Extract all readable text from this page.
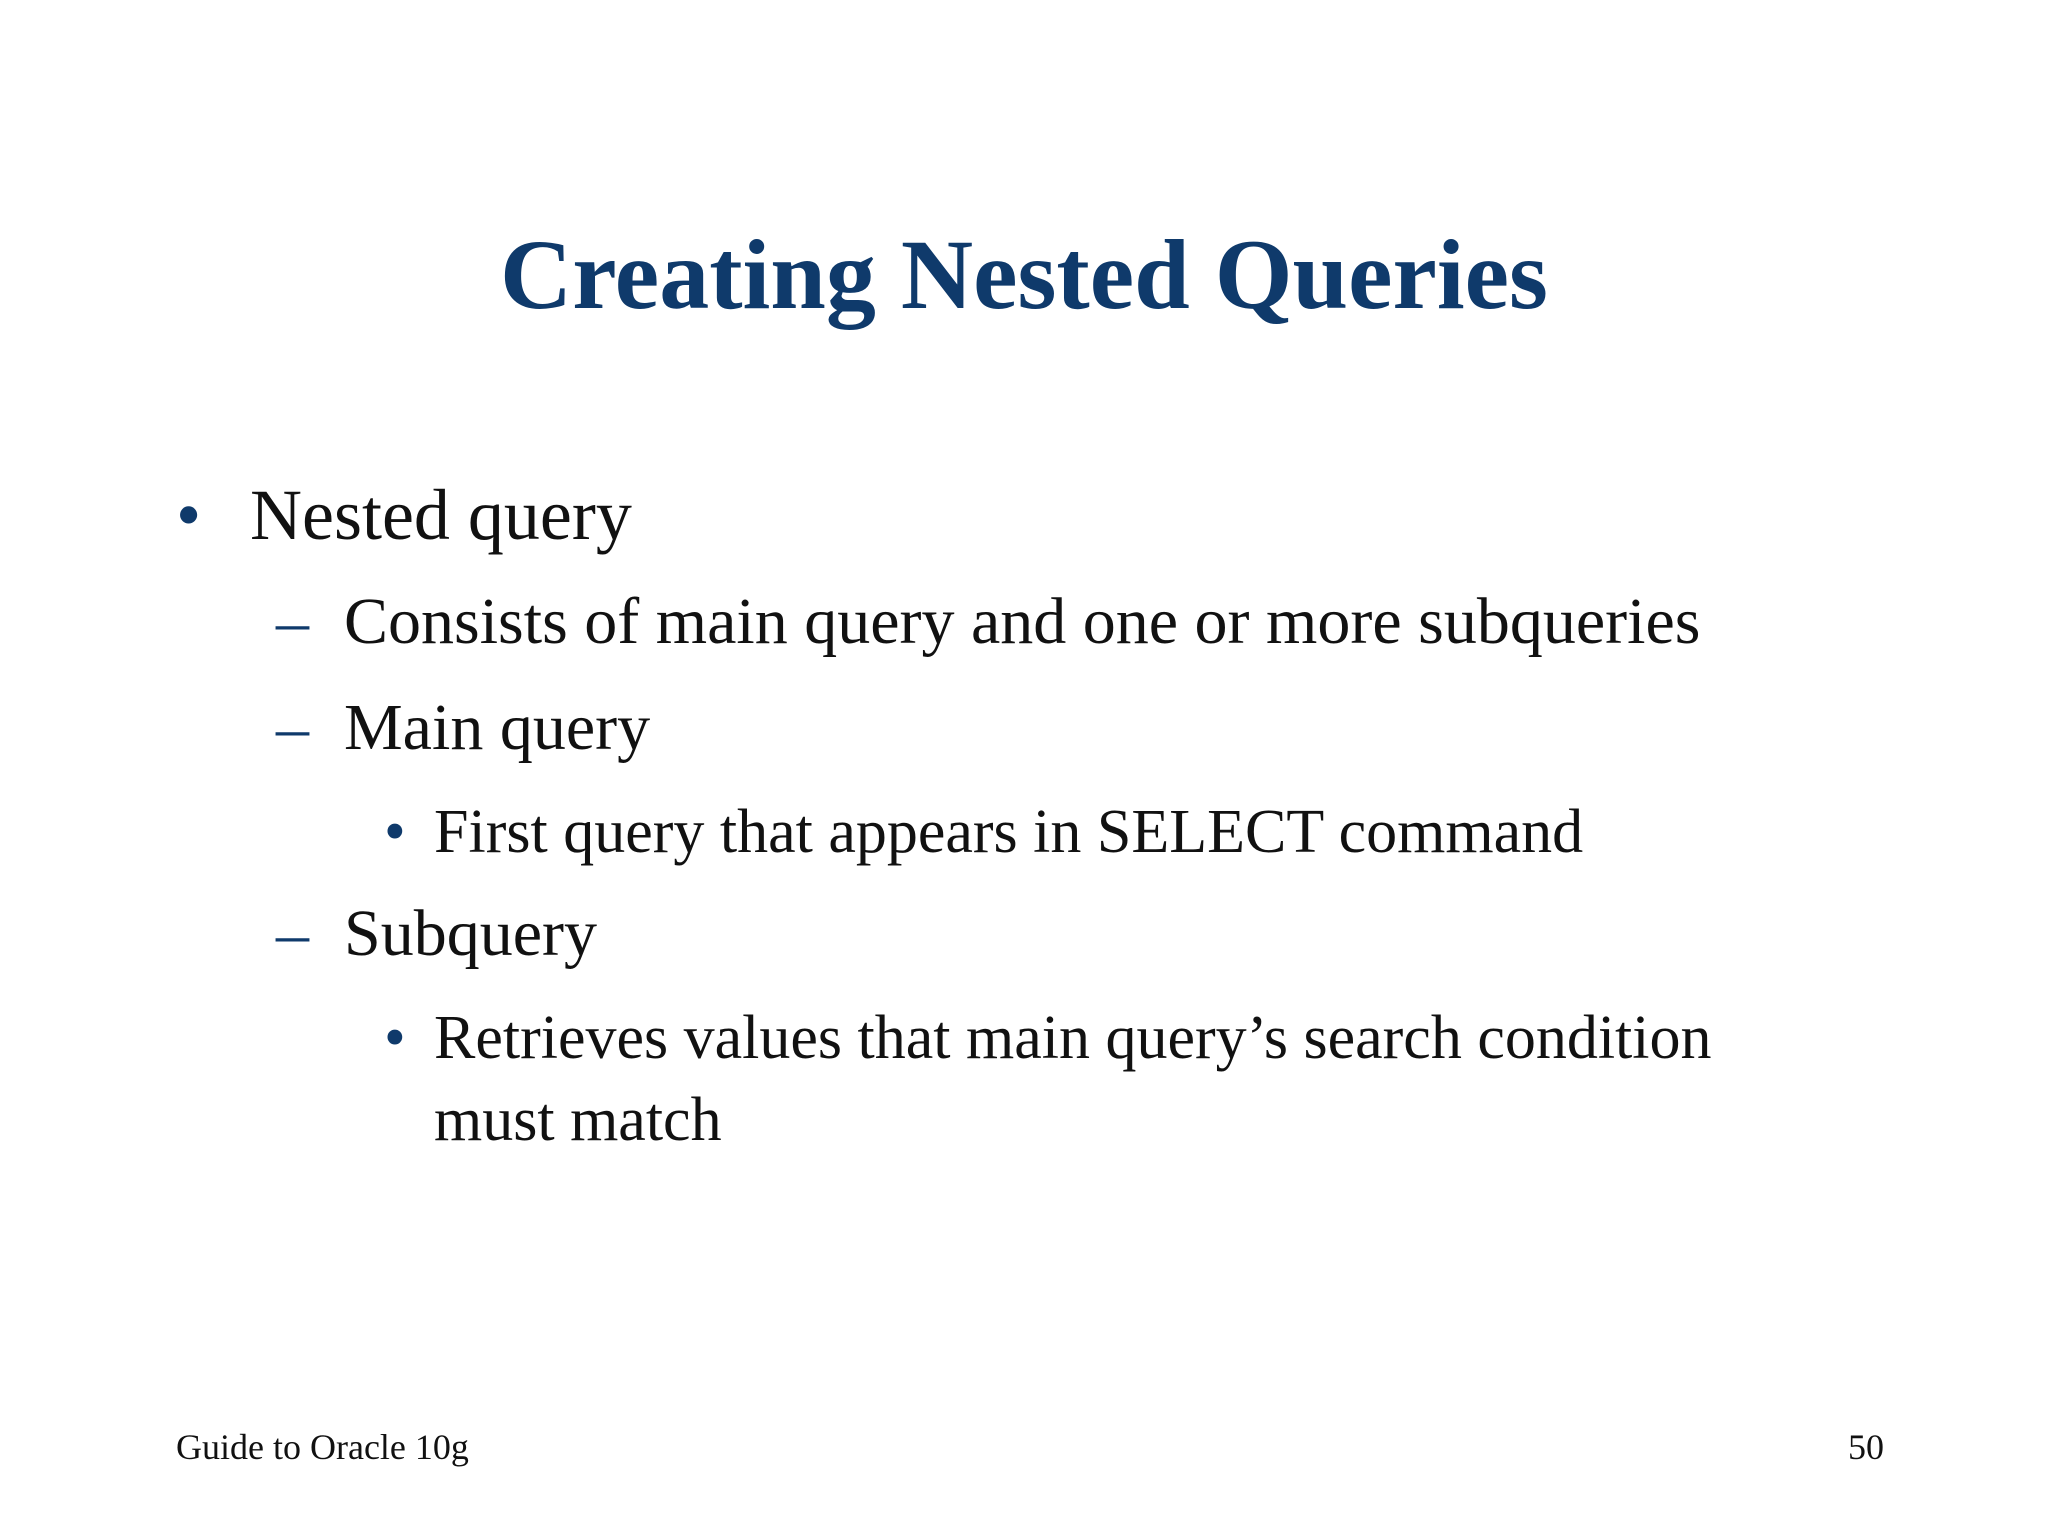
Creating Nested Queries
• Nested query
– Consists of main query and one or more subqueries
– Main query
• First query that appears in SELECT command
– Subquery
• Retrieves values that main query’s search condition
must match
Guide to Oracle 10g	50
